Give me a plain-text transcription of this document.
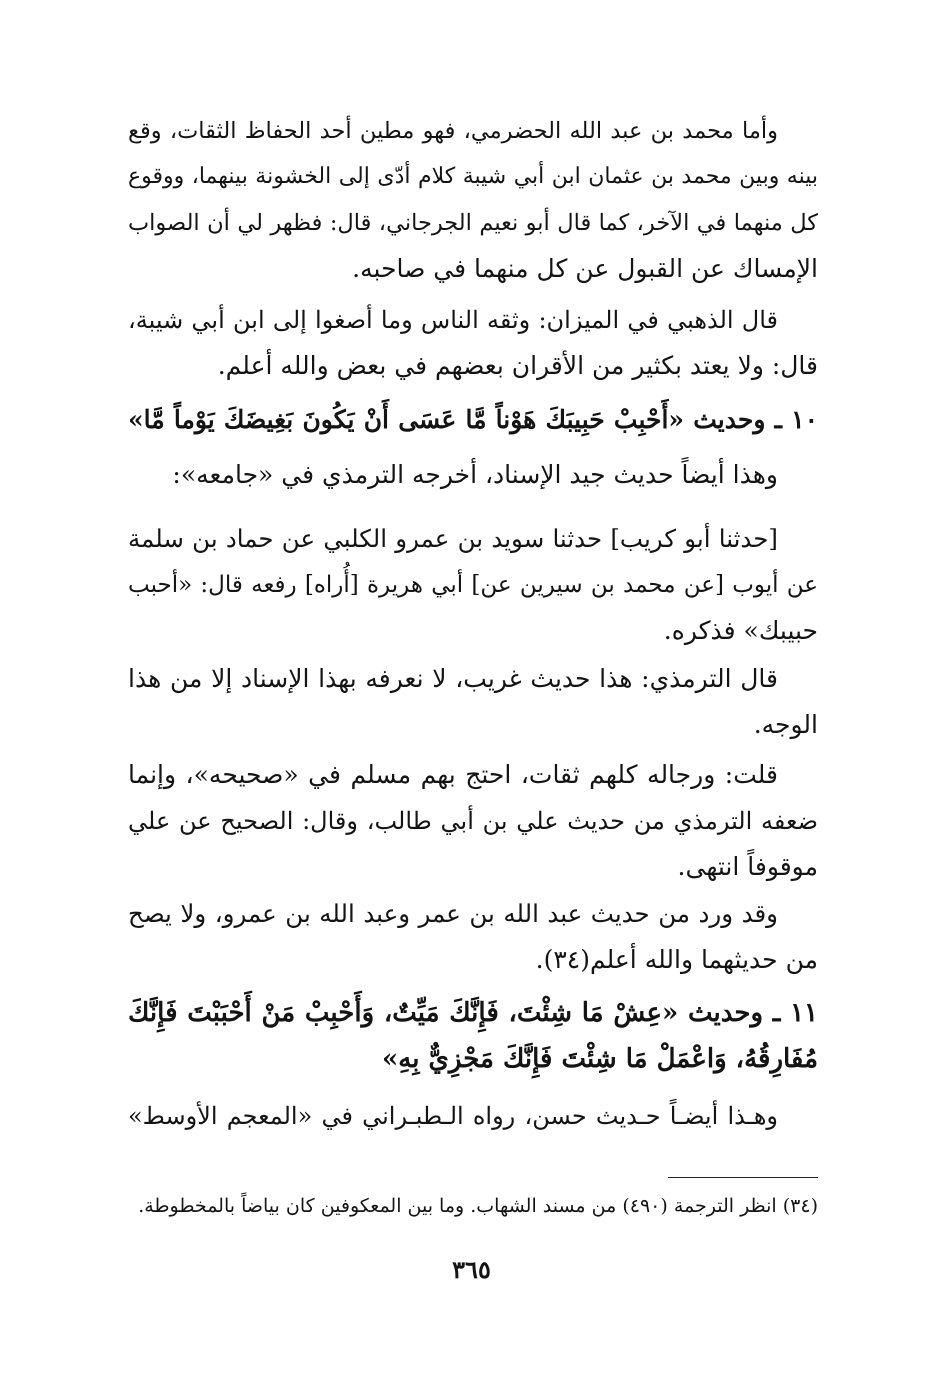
وأما محمد بن عبد الله الحضرمي، فهو مطين أحد الحفاظ الثقات، وقع
بينه وبين محمد بن عثمان ابن أبي شيبة كلام أدّى إلى الخشونة بينهما، ووقوع
كل منهما في الآخر، كما قال أبو نعيم الجرجاني، قال: فظهر لي أن الصواب
الإمساك عن القبول عن كل منهما في صاحبه.
قال الذهبي في الميزان: وثقه الناس وما أصغوا إلى ابن أبي شيبة،
قال: ولا يعتد بكثير من الأقران بعضهم في بعض والله أعلم.
١٠ ـ وحديث «أَحْبِبْ حَبِيبَكَ هَوْناً مَّا عَسَى أَنْ يَكُونَ بَغِيضَكَ يَوْماً مَّا»
وهذا أيضاً حديث جيد الإسناد، أخرجه الترمذي في «جامعه»:
[حدثنا أبو كريب] حدثنا سويد بن عمرو الكلبي عن حماد بن سلمة
عن أيوب [عن محمد بن سيرين عن] أبي هريرة [أُراه] رفعه قال: «أحبب
حبيبك» فذكره.
قال الترمذي: هذا حديث غريب، لا نعرفه بهذا الإسناد إلا من هذا
الوجه.
قلت: ورجاله كلهم ثقات، احتج بهم مسلم في «صحيحه»، وإنما
ضعفه الترمذي من حديث علي بن أبي طالب، وقال: الصحيح عن علي
موقوفاً انتهى.
وقد ورد من حديث عبد الله بن عمر وعبد الله بن عمرو، ولا يصح
من حديثهما والله أعلم(٣٤).
١١ ـ وحديث «عِشْ مَا شِئْتَ، فَإِنَّكَ مَيِّتٌ، وَأَحْبِبْ مَنْ أَحْبَبْتَ فَإِنَّكَ
مُفَارِقُهُ، وَاعْمَلْ مَا شِئْتَ فَإِنَّكَ مَجْزِيٌّ بِهِ»
وهـذا أيضـاً حـديث حسن، رواه الـطبـراني في «المعجم الأوسط»
(٣٤) انظر الترجمة (٤٩٠) من مسند الشهاب. وما بين المعكوفين كان بياضاً بالمخطوطة.
٣٦٥
